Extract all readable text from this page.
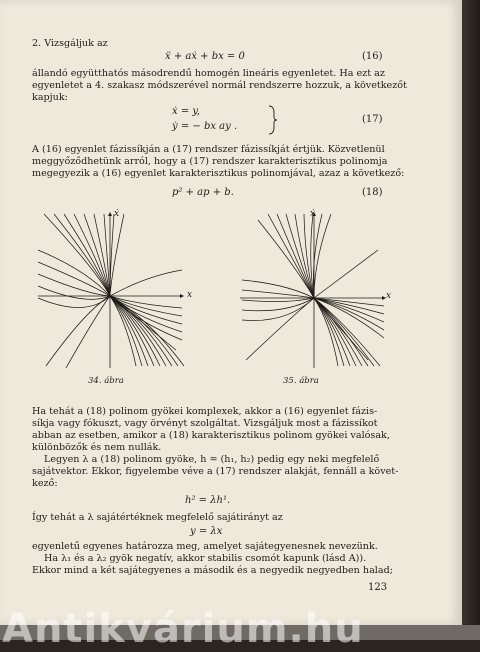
2. Vizsgáljuk az

ẍ + aẋ + bx = 0	(16)

állandó együtthatós másodrendű homogén lineáris egyenletet. Ha ezt az

egyenletet a 4. szakasz módszerével normál rendszerre hozzuk, a következőt

kapjuk:

ẋ = y,
ẏ = − bx ay .
(17)

A (16) egyenlet fázissíkján a (17) rendszer fázissíkját értjük. Közvetlenül

meggyőződhetünk arról, hogy a (17) rendszer karakterisztikus polinomja

megegyezik a (16) egyenlet karakterisztikus polinomjával, azaz a következő:

p² + ap + b.	(18)
ẋ
x
34. ábra
ẋ
x
35. ábra

Ha tehát a (18) polinom gyökei komplexek, akkor a (16) egyenlet fázis-

síkja vagy fókuszt, vagy örvényt szolgáltat. Vizsgáljuk most a fázissíkot

abban az esetben, amikor a (18) karakterisztikus polinom gyökei valósak,

különbözők és nem nullák.

Legyen λ a (18) polinom gyöke, h = (h₁, h₂) pedig egy neki megfelelő

sajátvektor. Ekkor, figyelembe véve a (17) rendszer alakját, fennáll a követ-

kező:

h² = λh¹.

Így tehát a λ sajátértéknek megfelelő sajátirányt az

y = λx

egyenletű egyenes határozza meg, amelyet sajátegyenesnek nevezünk.

Ha λ₁ és a λ₂ gyök negatív, akkor stabilis csomót kapunk (lásd A)).

Ekkor mind a két sajátegyenes a második és a negyedik negyedben halad;

123
Antikvárium.hu
